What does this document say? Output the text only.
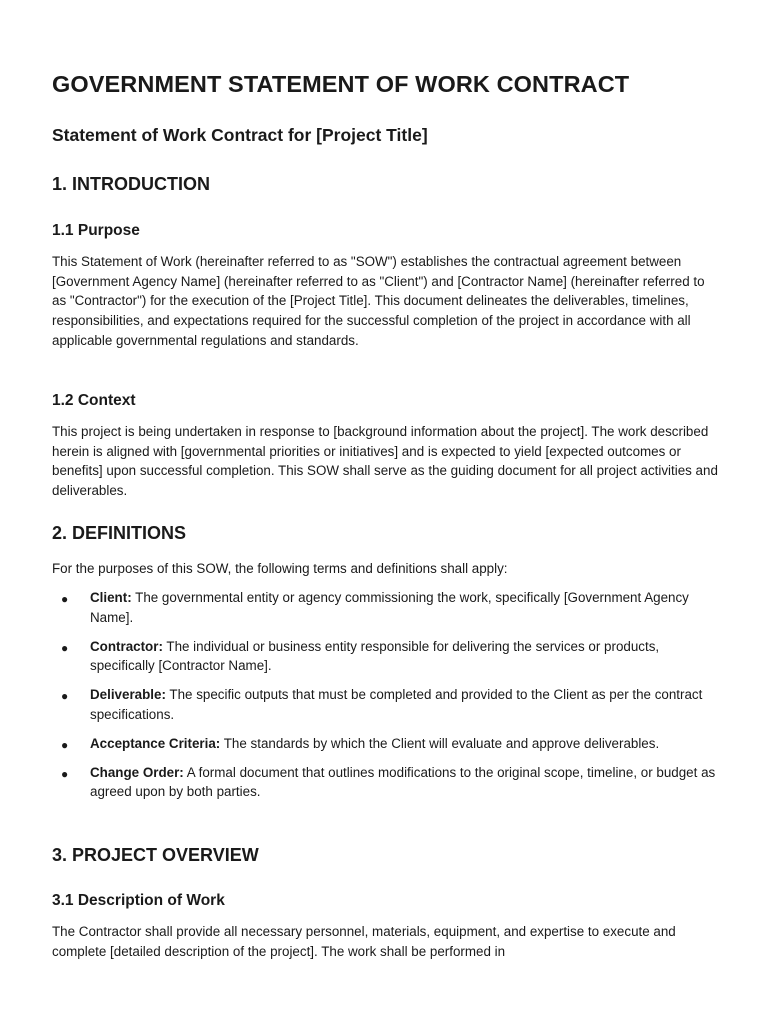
GOVERNMENT STATEMENT OF WORK CONTRACT
Statement of Work Contract for [Project Title]
1. INTRODUCTION
1.1 Purpose

This Statement of Work (hereinafter referred to as "SOW") establishes the contractual agreement between [Government Agency Name] (hereinafter referred to as "Client") and [Contractor Name] (hereinafter referred to as "Contractor") for the execution of the [Project Title]. This document delineates the deliverables, timelines, responsibilities, and expectations required for the successful completion of the project in accordance with all applicable governmental regulations and standards.

1.2 Context

This project is being undertaken in response to [background information about the project]. The work described herein is aligned with [governmental priorities or initiatives] and is expected to yield [expected outcomes or benefits] upon successful completion. This SOW shall serve as the guiding document for all project activities and deliverables.

2. DEFINITIONS

For the purposes of this SOW, the following terms and definitions shall apply:

● Client: The governmental entity or agency commissioning the work, specifically [Government Agency Name].
● Contractor: The individual or business entity responsible for delivering the services or products, specifically [Contractor Name].
● Deliverable: The specific outputs that must be completed and provided to the Client as per the contract specifications.
● Acceptance Criteria: The standards by which the Client will evaluate and approve deliverables.
● Change Order: A formal document that outlines modifications to the original scope, timeline, or budget as agreed upon by both parties.
3. PROJECT OVERVIEW
3.1 Description of Work

The Contractor shall provide all necessary personnel, materials, equipment, and expertise to execute and complete [detailed description of the project]. The work shall be performed in
